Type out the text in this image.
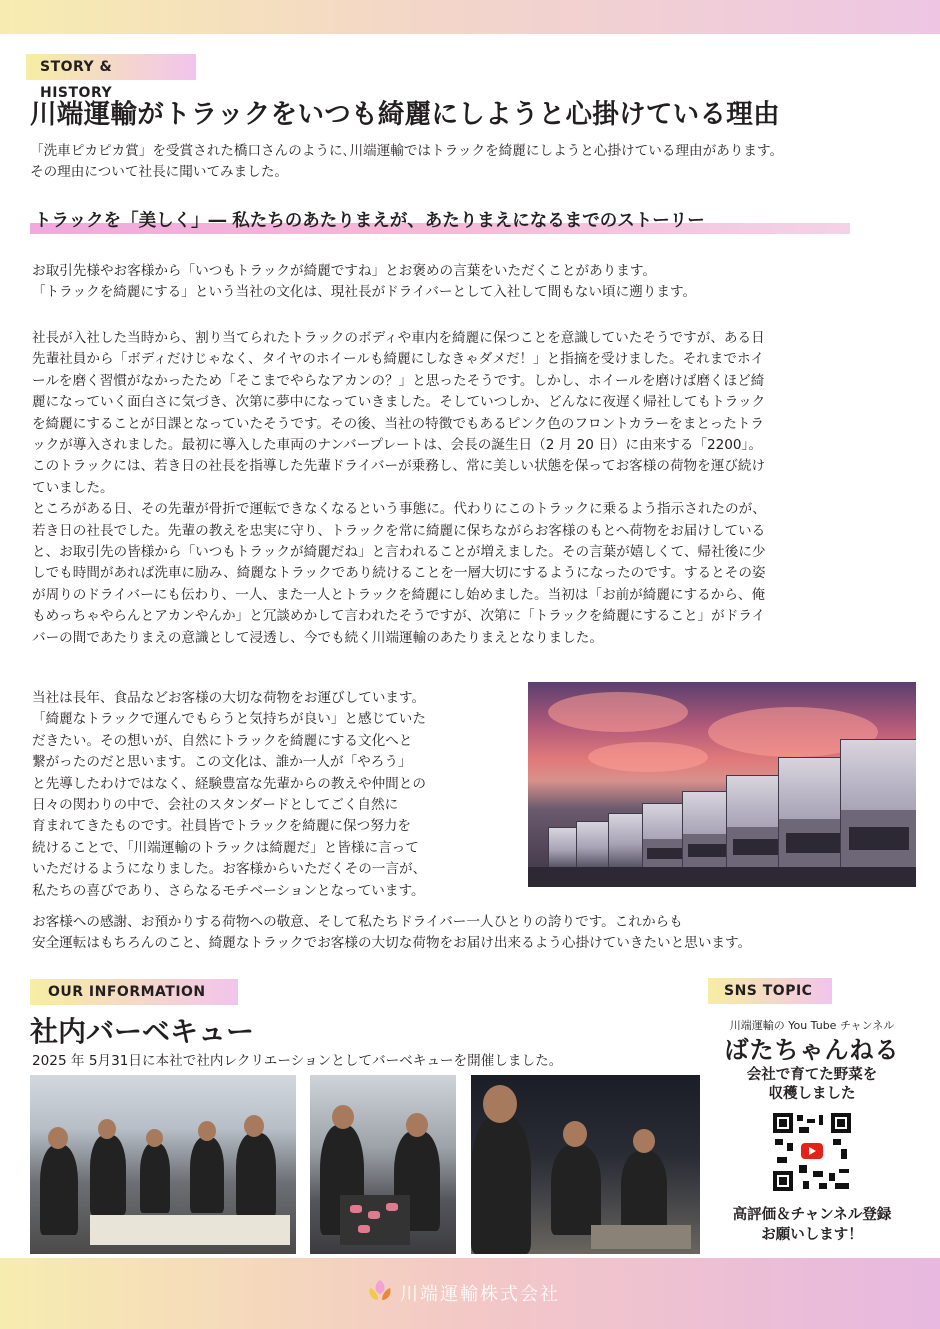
STORY & HISTORY
川端運輸がトラックをいつも綺麗にしようと心掛けている理由
「洗車ピカピカ賞」を受賞された橋口さんのように､川端運輸ではトラックを綺麗にしようと心掛けている理由があります。
その理由について社長に聞いてみました。
トラックを「美しく」― 私たちのあたりまえが、あたりまえになるまでのストーリー
お取引先様やお客様から「いつもトラックが綺麗ですね」とお褒めの言葉をいただくことがあります。
「トラックを綺麗にする」という当社の文化は、現社長がドライバーとして入社して間もない頃に遡ります。
社長が入社した当時から、割り当てられたトラックのボディや車内を綺麗に保つことを意識していたそうですが、ある日
先輩社員から「ボディだけじゃなく、タイヤのホイールも綺麗にしなきゃダメだ！」と指摘を受けました。それまでホイ
ールを磨く習慣がなかったため「そこまでやらなアカンの？」と思ったそうです。しかし、ホイールを磨けば磨くほど綺
麗になっていく面白さに気づき、次第に夢中になっていきました。そしていつしか、どんなに夜遅く帰社してもトラック
を綺麗にすることが日課となっていたそうです。その後、当社の特徴でもあるピンク色のフロントカラーをまとったトラ
ックが導入されました。最初に導入した車両のナンバープレートは、会長の誕生日（2 月 20 日）に由来する「2200」。
このトラックには、若き日の社長を指導した先輩ドライバーが乗務し、常に美しい状態を保ってお客様の荷物を運び続け
ていました。
ところがある日、その先輩が骨折で運転できなくなるという事態に。代わりにこのトラックに乗るよう指示されたのが、
若き日の社長でした。先輩の教えを忠実に守り、トラックを常に綺麗に保ちながらお客様のもとへ荷物をお届けしている
と、お取引先の皆様から「いつもトラックが綺麗だね」と言われることが増えました。その言葉が嬉しくて、帰社後に少
しでも時間があれば洗車に励み、綺麗なトラックであり続けることを一層大切にするようになったのです。するとその姿
が周りのドライバーにも伝わり、一人、また一人とトラックを綺麗にし始めました。当初は「お前が綺麗にするから、俺
もめっちゃやらんとアカンやんか」と冗談めかして言われたそうですが、次第に「トラックを綺麗にすること」がドライ
バーの間であたりまえの意識として浸透し、今でも続く川端運輸のあたりまえとなりました。
当社は長年、食品などお客様の大切な荷物をお運びしています。
「綺麗なトラックで運んでもらうと気持ちが良い」と感じていた
だきたい。その想いが、自然にトラックを綺麗にする文化へと
繋がったのだと思います。この文化は、誰か一人が「やろう」
と先導したわけではなく、経験豊富な先輩からの教えや仲間との
日々の関わりの中で、会社のスタンダードとしてごく自然に
育まれてきたものです。社員皆でトラックを綺麗に保つ努力を
続けることで、「川端運輸のトラックは綺麗だ」と皆様に言って
いただけるようになりました。お客様からいただくその一言が、
私たちの喜びであり、さらなるモチベーションとなっています。
お客様への感謝、お預かりする荷物への敬意、そして私たちドライバー一人ひとりの誇りです。これからも
安全運転はもちろんのこと、綺麗なトラックでお客様の大切な荷物をお届け出来るよう心掛けていきたいと思います。
OUR INFORMATION
社内バーベキュー
2025 年 5月31日に本社で社内レクリエーションとしてバーベキューを開催しました。
SNS TOPIC
川端運輸の You Tube チャンネル
ばたちゃんねる
会社で育てた野菜を
収穫しました
高評価＆チャンネル登録
お願いします！
川端運輸株式会社
